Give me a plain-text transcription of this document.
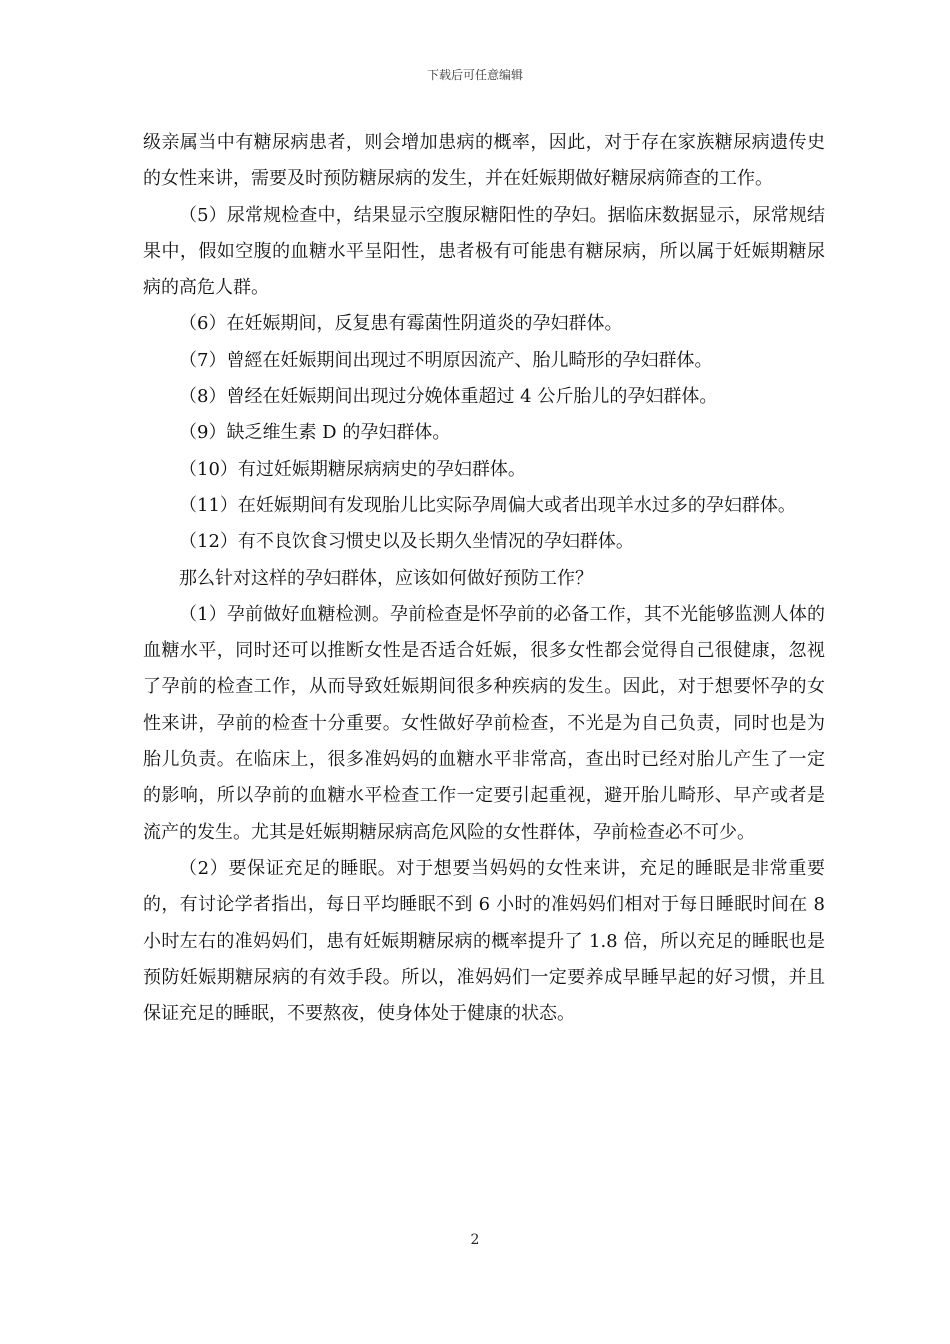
下载后可任意编辑

级亲属当中有糖尿病患者，则会增加患病的概率，因此，对于存在家族糖尿病遗传史的女性来讲，需要及时预防糖尿病的发生，并在妊娠期做好糖尿病筛查的工作。

（5）尿常规检查中，结果显示空腹尿糖阳性的孕妇。据临床数据显示，尿常规结果中，假如空腹的血糖水平呈阳性，患者极有可能患有糖尿病，所以属于妊娠期糖尿病的高危人群。

（6）在妊娠期间，反复患有霉菌性阴道炎的孕妇群体。

（7）曾經在妊娠期间出现过不明原因流产、胎儿畸形的孕妇群体。

（8）曾经在妊娠期间出现过分娩体重超过 4 公斤胎儿的孕妇群体。

（9）缺乏维生素 D 的孕妇群体。

（10）有过妊娠期糖尿病病史的孕妇群体。

（11）在妊娠期间有发现胎儿比实际孕周偏大或者出现羊水过多的孕妇群体。

（12）有不良饮食习惯史以及长期久坐情况的孕妇群体。

那么针对这样的孕妇群体，应该如何做好预防工作？

（1）孕前做好血糖检测。孕前检查是怀孕前的必备工作，其不光能够监测人体的血糖水平，同时还可以推断女性是否适合妊娠，很多女性都会觉得自己很健康，忽视了孕前的检查工作，从而导致妊娠期间很多种疾病的发生。因此，对于想要怀孕的女性来讲，孕前的检查十分重要。女性做好孕前检查，不光是为自己负责，同时也是为胎儿负责。在临床上，很多准妈妈的血糖水平非常高，查出时已经对胎儿产生了一定的影响，所以孕前的血糖水平检查工作一定要引起重视，避开胎儿畸形、早产或者是流产的发生。尤其是妊娠期糖尿病高危风险的女性群体，孕前检查必不可少。

（2）要保证充足的睡眠。对于想要当妈妈的女性来讲，充足的睡眠是非常重要的，有讨论学者指出，每日平均睡眠不到 6 小时的准妈妈们相对于每日睡眠时间在 8 小时左右的准妈妈们，患有妊娠期糖尿病的概率提升了 1.8 倍，所以充足的睡眠也是预防妊娠期糖尿病的有效手段。所以，准妈妈们一定要养成早睡早起的好习惯，并且保证充足的睡眠，不要熬夜，使身体处于健康的状态。

2
